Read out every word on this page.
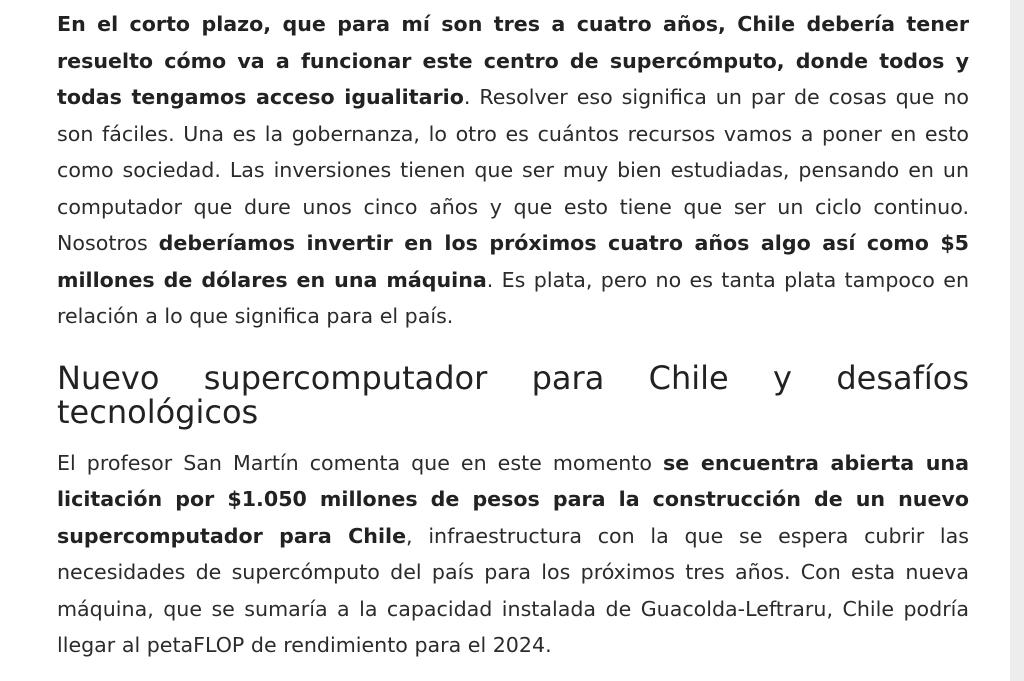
En el corto plazo, que para mí son tres a cuatro años, Chile debería tener resuelto cómo va a funcionar este centro de supercómputo, donde todos y todas tengamos acceso igualitario. Resolver eso significa un par de cosas que no son fáciles. Una es la gobernanza, lo otro es cuántos recursos vamos a poner en esto como sociedad. Las inversiones tienen que ser muy bien estudiadas, pensando en un computador que dure unos cinco años y que esto tiene que ser un ciclo continuo. Nosotros deberíamos invertir en los próximos cuatro años algo así como $5 millones de dólares en una máquina. Es plata, pero no es tanta plata tampoco en relación a lo que significa para el país.

Nuevo supercomputador para Chile y desafíos tecnológicos

El profesor San Martín comenta que en este momento se encuentra abierta una licitación por $1.050 millones de pesos para la construcción de un nuevo supercomputador para Chile, infraestructura con la que se espera cubrir las necesidades de supercómputo del país para los próximos tres años. Con esta nueva máquina, que se sumaría a la capacidad instalada de Guacolda-Leftraru, Chile podría llegar al petaFLOP de rendimiento para el 2024.
